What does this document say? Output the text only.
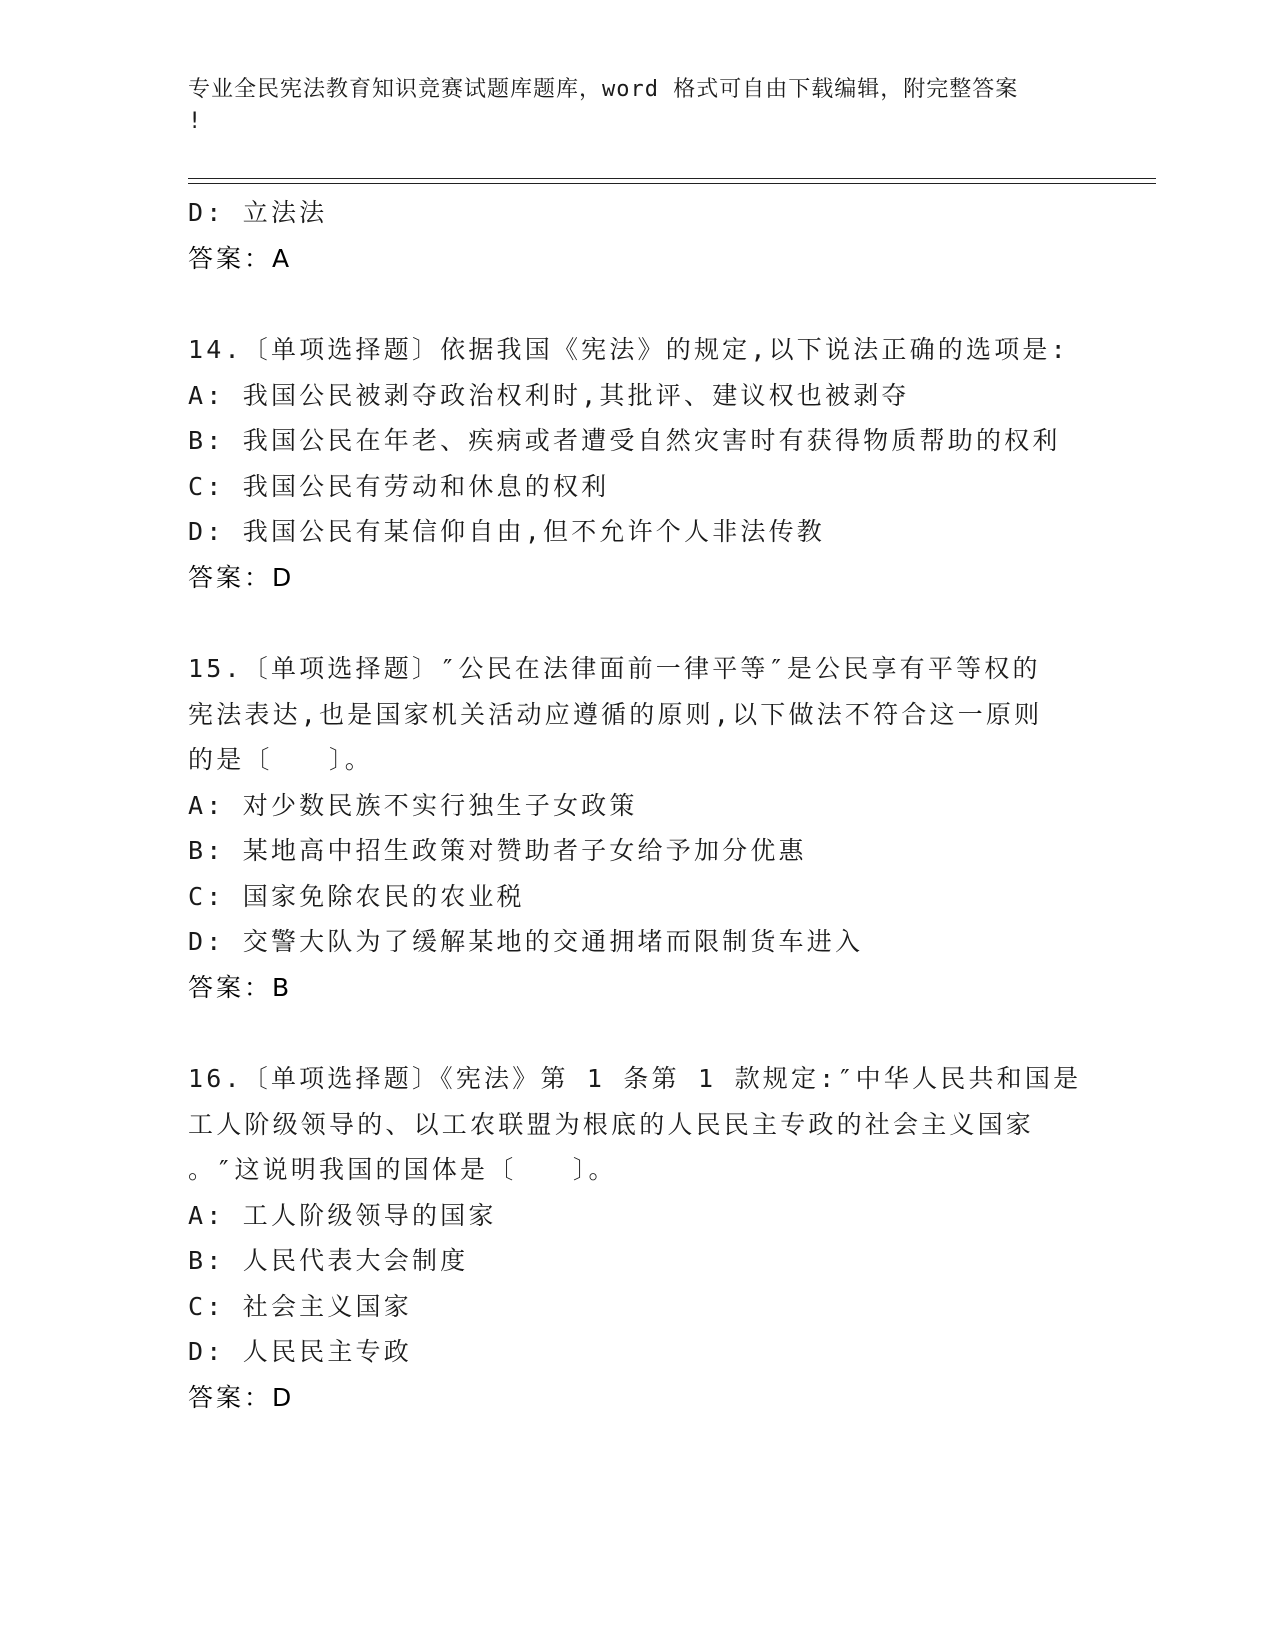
专业全民宪法教育知识竞赛试题库题库，word 格式可自由下载编辑，附完整答案
!
D: 立法法
答案：A
14.〔单项选择题〕依据我国《宪法》的规定,以下说法正确的选项是:
A: 我国公民被剥夺政治权利时,其批评、建议权也被剥夺
B: 我国公民在年老、疾病或者遭受自然灾害时有获得物质帮助的权利
C: 我国公民有劳动和休息的权利
D: 我国公民有某信仰自由,但不允许个人非法传教
答案：D
15.〔单项选择题〕″公民在法律面前一律平等″是公民享有平等权的
宪法表达,也是国家机关活动应遵循的原则,以下做法不符合这一原则
的是〔　　〕。
A: 对少数民族不实行独生子女政策
B: 某地高中招生政策对赞助者子女给予加分优惠
C: 国家免除农民的农业税
D: 交警大队为了缓解某地的交通拥堵而限制货车进入
答案：B
16.〔单项选择题〕《宪法》第 1 条第 1 款规定:″中华人民共和国是
工人阶级领导的、以工农联盟为根底的人民民主专政的社会主义国家
。″这说明我国的国体是〔　　〕。
A: 工人阶级领导的国家
B: 人民代表大会制度
C: 社会主义国家
D: 人民民主专政
答案：D
